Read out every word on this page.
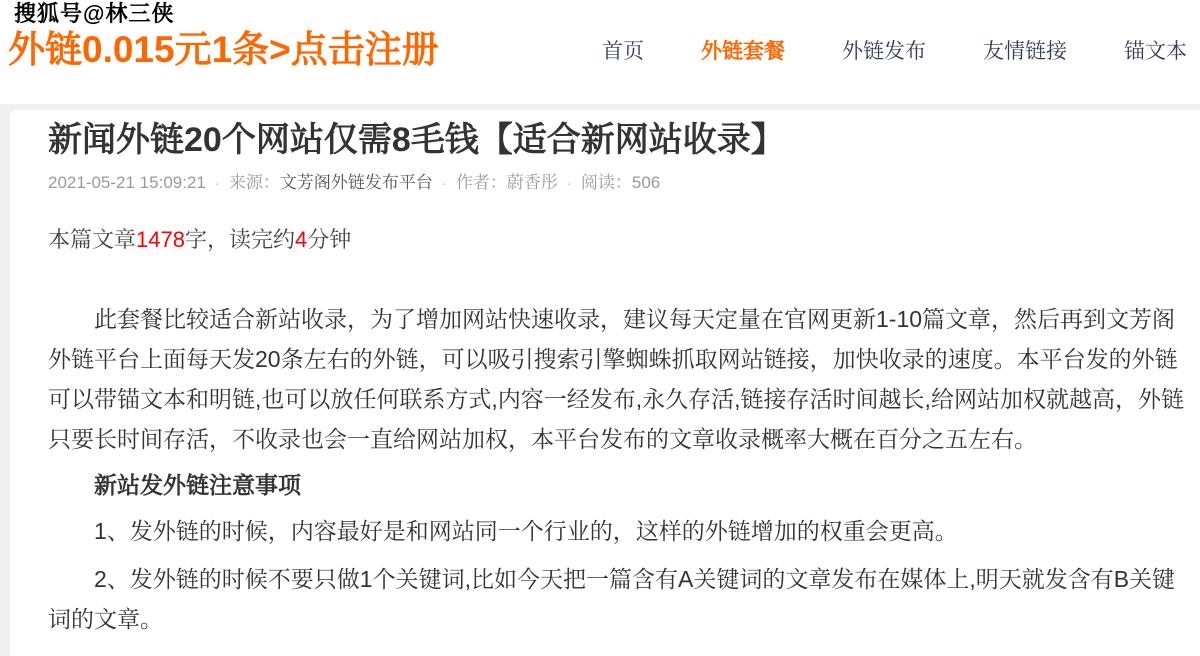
搜狐号@林三侠
外链0.015元1条>点击注册	首页	外链套餐	外链发布	友情链接	锚文本
新闻外链20个网站仅需8毛钱【适合新网站收录】
2021-05-21 15:09:21 · 来源：文芳阁外链发布平台 · 作者：蔚香彤 · 阅读：506

本篇文章1478字，读完约4分钟

此套餐比较适合新站收录，为了增加网站快速收录，建议每天定量在官网更新1-10篇文章，然后再到文芳阁外链平台上面每天发20条左右的外链，可以吸引搜索引擎蜘蛛抓取网站链接，加快收录的速度。本平台发的外链可以带锚文本和明链,也可以放任何联系方式,内容一经发布,永久存活,链接存活时间越长,给网站加权就越高，外链只要长时间存活，不收录也会一直给网站加权，本平台发布的文章收录概率大概在百分之五左右。

新站发外链注意事项

1、发外链的时候，内容最好是和网站同一个行业的，这样的外链增加的权重会更高。

2、发外链的时候不要只做1个关键词,比如今天把一篇含有A关键词的文章发布在媒体上,明天就发含有B关键词的文章。
